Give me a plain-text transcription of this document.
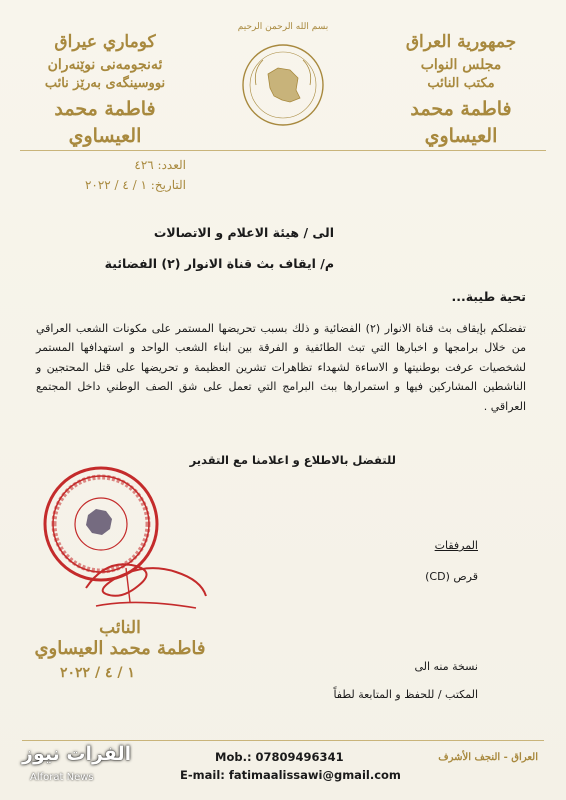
جمهورية العراق
مجلس النواب
مكتب النائب
فاطمة محمد العيساوي
كوماري عيراق
ئەنجومەنی نوێنەران
نووسینگەی بەرێز نائب
فاطمة محمد العيساوي
بسم الله الرحمن الرحيم
العدد: ٤٢٦
التاريخ: ١ / ٤ / ٢٠٢٢
الى / هيئة الاعلام و الاتصالات
م/ ايقاف بث قناة الانوار (٢) الفضائية
تحية طيبة...
تفضلكم بإيقاف بث قناة الانوار (٢) الفضائية و ذلك بسبب تحريضها المستمر على مكونات الشعب العراقي من خلال برامجها و اخبارها التي تبث الطائفية و الفرقة بين ابناء الشعب الواحد و استهدافها المستمر لشخصيات عرفت بوطنيتها و الاساءة لشهداء تظاهرات تشرين العظيمة و تحريضها على قتل المحتجين و الناشطين المشاركين فيها و استمرارها ببث البرامج التي تعمل على شق الصف الوطني داخل المجتمع العراقي .
للتفضل بالاطلاع و اعلامنا مع التقدير
المرفقات
قرص (CD)
نسخة منه الى
المكتب / للحفظ و المتابعة لطفاً
النائب
فاطمة محمد العيساوي
١ / ٤ / ٢٠٢٢
Mob.: 07809496341
E-mail: fatimaalissawi@gmail.com
العراق - النجف الأشرف
الفرات نيوز
Alforat News
